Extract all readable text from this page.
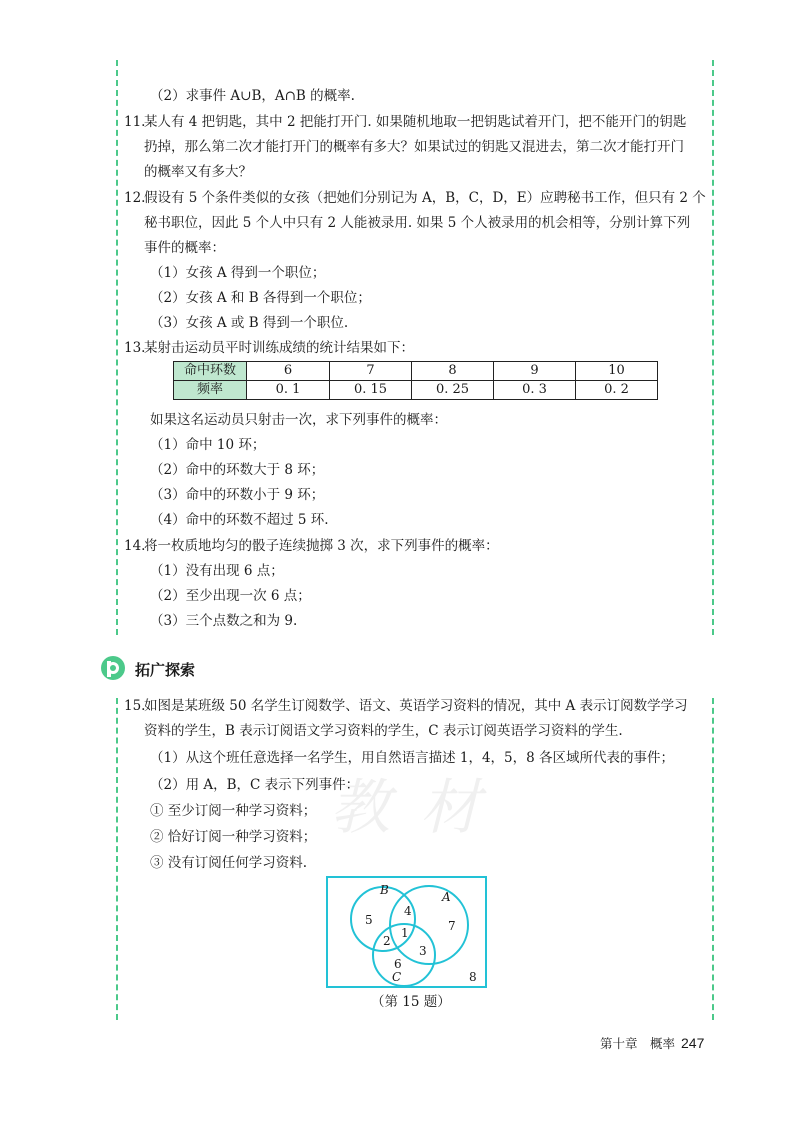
教材
（2）求事件 A∪B，A∩B 的概率.
11.
某人有 4 把钥匙，其中 2 把能打开门. 如果随机地取一把钥匙试着开门，把不能开门的钥匙
扔掉，那么第二次才能打开门的概率有多大？如果试过的钥匙又混进去，第二次才能打开门
的概率又有多大？
12.
假设有 5 个条件类似的女孩（把她们分别记为 A，B，C，D，E）应聘秘书工作，但只有 2 个
秘书职位，因此 5 个人中只有 2 人能被录用. 如果 5 个人被录用的机会相等，分别计算下列
事件的概率：
（1）女孩 A 得到一个职位；
（2）女孩 A 和 B 各得到一个职位；
（3）女孩 A 或 B 得到一个职位.
13.
某射击运动员平时训练成绩的统计结果如下：
命中环数	6	7	8	9	10
频率	0. 1	0. 15	0. 25	0. 3	0. 2
如果这名运动员只射击一次，求下列事件的概率：
（1）命中 10 环；
（2）命中的环数大于 8 环；
（3）命中的环数小于 9 环；
（4）命中的环数不超过 5 环.
14.
将一枚质地均匀的骰子连续抛掷 3 次，求下列事件的概率：
（1）没有出现 6 点；
（2）至少出现一次 6 点；
（3）三个点数之和为 9.
拓广探索
15.
如图是某班级 50 名学生订阅数学、语文、英语学习资料的情况，其中 A 表示订阅数学学习
资料的学生，B 表示订阅语文学习资料的学生，C 表示订阅英语学习资料的学生.
（1）从这个班任意选择一名学生，用自然语言描述 1，4，5，8 各区域所代表的事件；
（2）用 A，B，C 表示下列事件：
① 至少订阅一种学习资料；
② 恰好订阅一种学习资料；
③ 没有订阅任何学习资料.
B	A
C
1
2
3
4
5
6
7
8
（第 15 题）
第十章　概率 247
